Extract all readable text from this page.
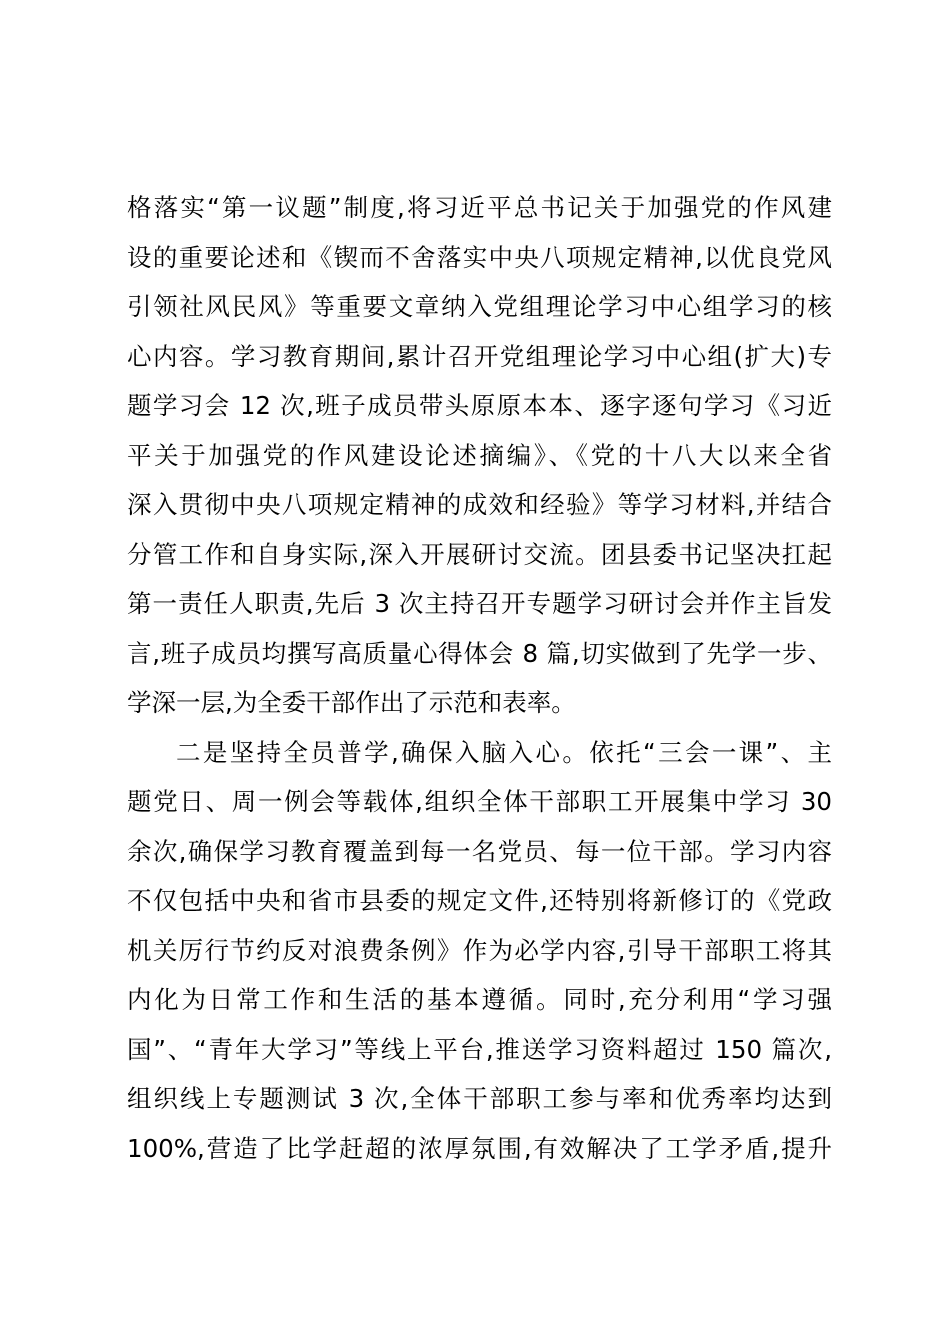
格落实“第一议题”制度,将习近平总书记关于加强党的作风建
设的重要论述和《锲而不舍落实中央八项规定精神,以优良党风
引领社风民风》等重要文章纳入党组理论学习中心组学习的核
心内容。学习教育期间,累计召开党组理论学习中心组(扩大)专
题学习会 12 次,班子成员带头原原本本、逐字逐句学习《习近
平关于加强党的作风建设论述摘编》、《党的十八大以来全省
深入贯彻中央八项规定精神的成效和经验》等学习材料,并结合
分管工作和自身实际,深入开展研讨交流。团县委书记坚决扛起
第一责任人职责,先后 3 次主持召开专题学习研讨会并作主旨发
言,班子成员均撰写高质量心得体会 8 篇,切实做到了先学一步、
学深一层,为全委干部作出了示范和表率。
二是坚持全员普学,确保入脑入心。依托“三会一课”、主
题党日、周一例会等载体,组织全体干部职工开展集中学习 30
余次,确保学习教育覆盖到每一名党员、每一位干部。学习内容
不仅包括中央和省市县委的规定文件,还特别将新修订的《党政
机关厉行节约反对浪费条例》作为必学内容,引导干部职工将其
内化为日常工作和生活的基本遵循。同时,充分利用“学习强
国”、“青年大学习”等线上平台,推送学习资料超过 150 篇次,
组织线上专题测试 3 次,全体干部职工参与率和优秀率均达到
100%,营造了比学赶超的浓厚氛围,有效解决了工学矛盾,提升
